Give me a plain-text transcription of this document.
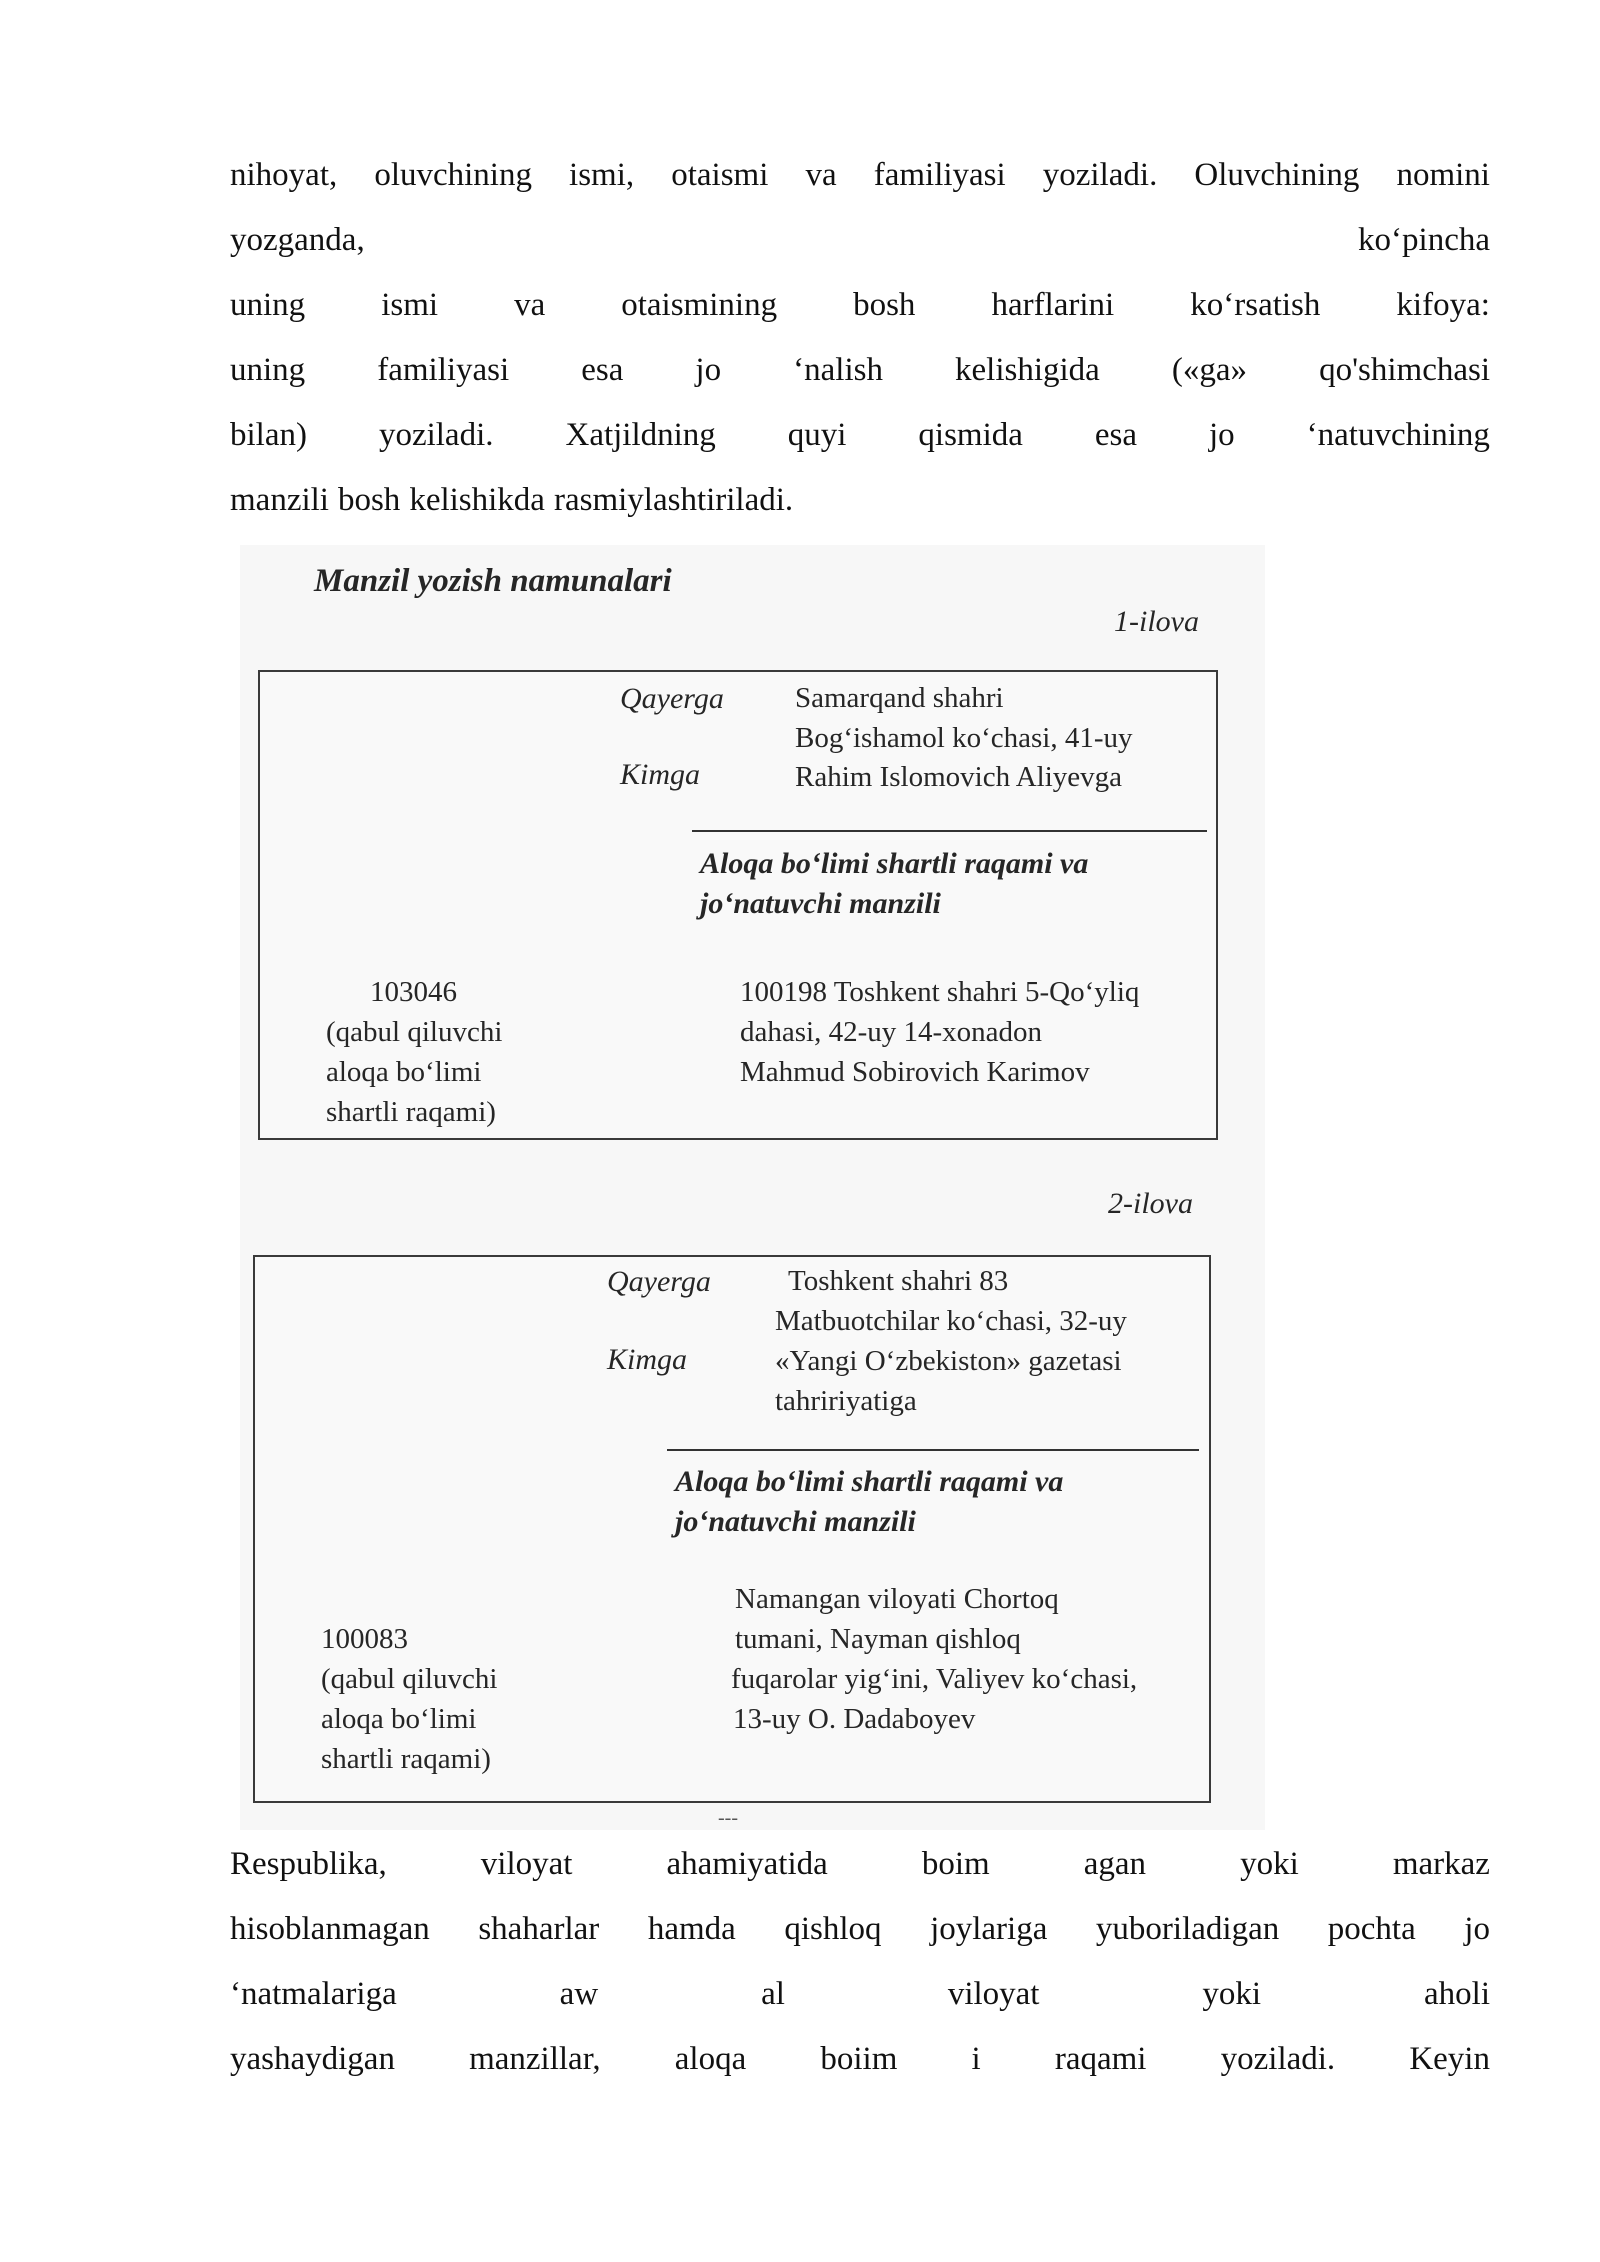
nihoyat, oluvchining ismi, otaismi va familiyasi yoziladi. Oluvchining nomini
yozganda,	ko‘pincha
uning ismi va otaismining bosh harflarini ko‘rsatish kifoya:
uning familiyasi esa jo ‘nalish kelishigida («ga» qo'shimchasi
bilan) yoziladi. Xatjildning quyi qismida esa jo ‘natuvchining
manzili bosh kelishikda rasmiylashtiriladi.
Manzil yozish namunalari
1-ilova
Qayerga Samarqand shahri
Bog‘ishamol ko‘chasi, 41-uy
Kimga	Rahim Islomovich Aliyevga
Aloqa bo‘limi shartli raqami va
jo‘natuvchi manzili
103046
(qabul qiluvchi
aloqa bo‘limi
shartli raqami)
100198 Toshkent shahri 5-Qo‘yliq
dahasi, 42-uy 14-xonadon
Mahmud Sobirovich Karimov
2-ilova
Qayerga	Toshkent shahri 83
Matbuotchilar ko‘chasi, 32-uy
Kimga	«Yangi O‘zbekiston» gazetasi
tahririyatiga
Aloqa bo‘limi shartli raqami va
jo‘natuvchi manzili
Namangan viloyati Chortoq
tumani, Nayman qishloq
fuqarolar yig‘ini, Valiyev ko‘chasi,
13-uy O. Dadaboyev
100083
(qabul qiluvchi
aloqa bo‘limi
shartli raqami)
---
Respublika,	viloyat	ahamiyatida	boim	agan	yoki	markaz
hisoblanmagan shaharlar hamda qishloq joylariga yuboriladigan pochta jo
‘natmalariga	aw	al	viloyat	yoki	aholi
yashaydigan manzillar, aloqa boiim i raqami yoziladi. Keyin
